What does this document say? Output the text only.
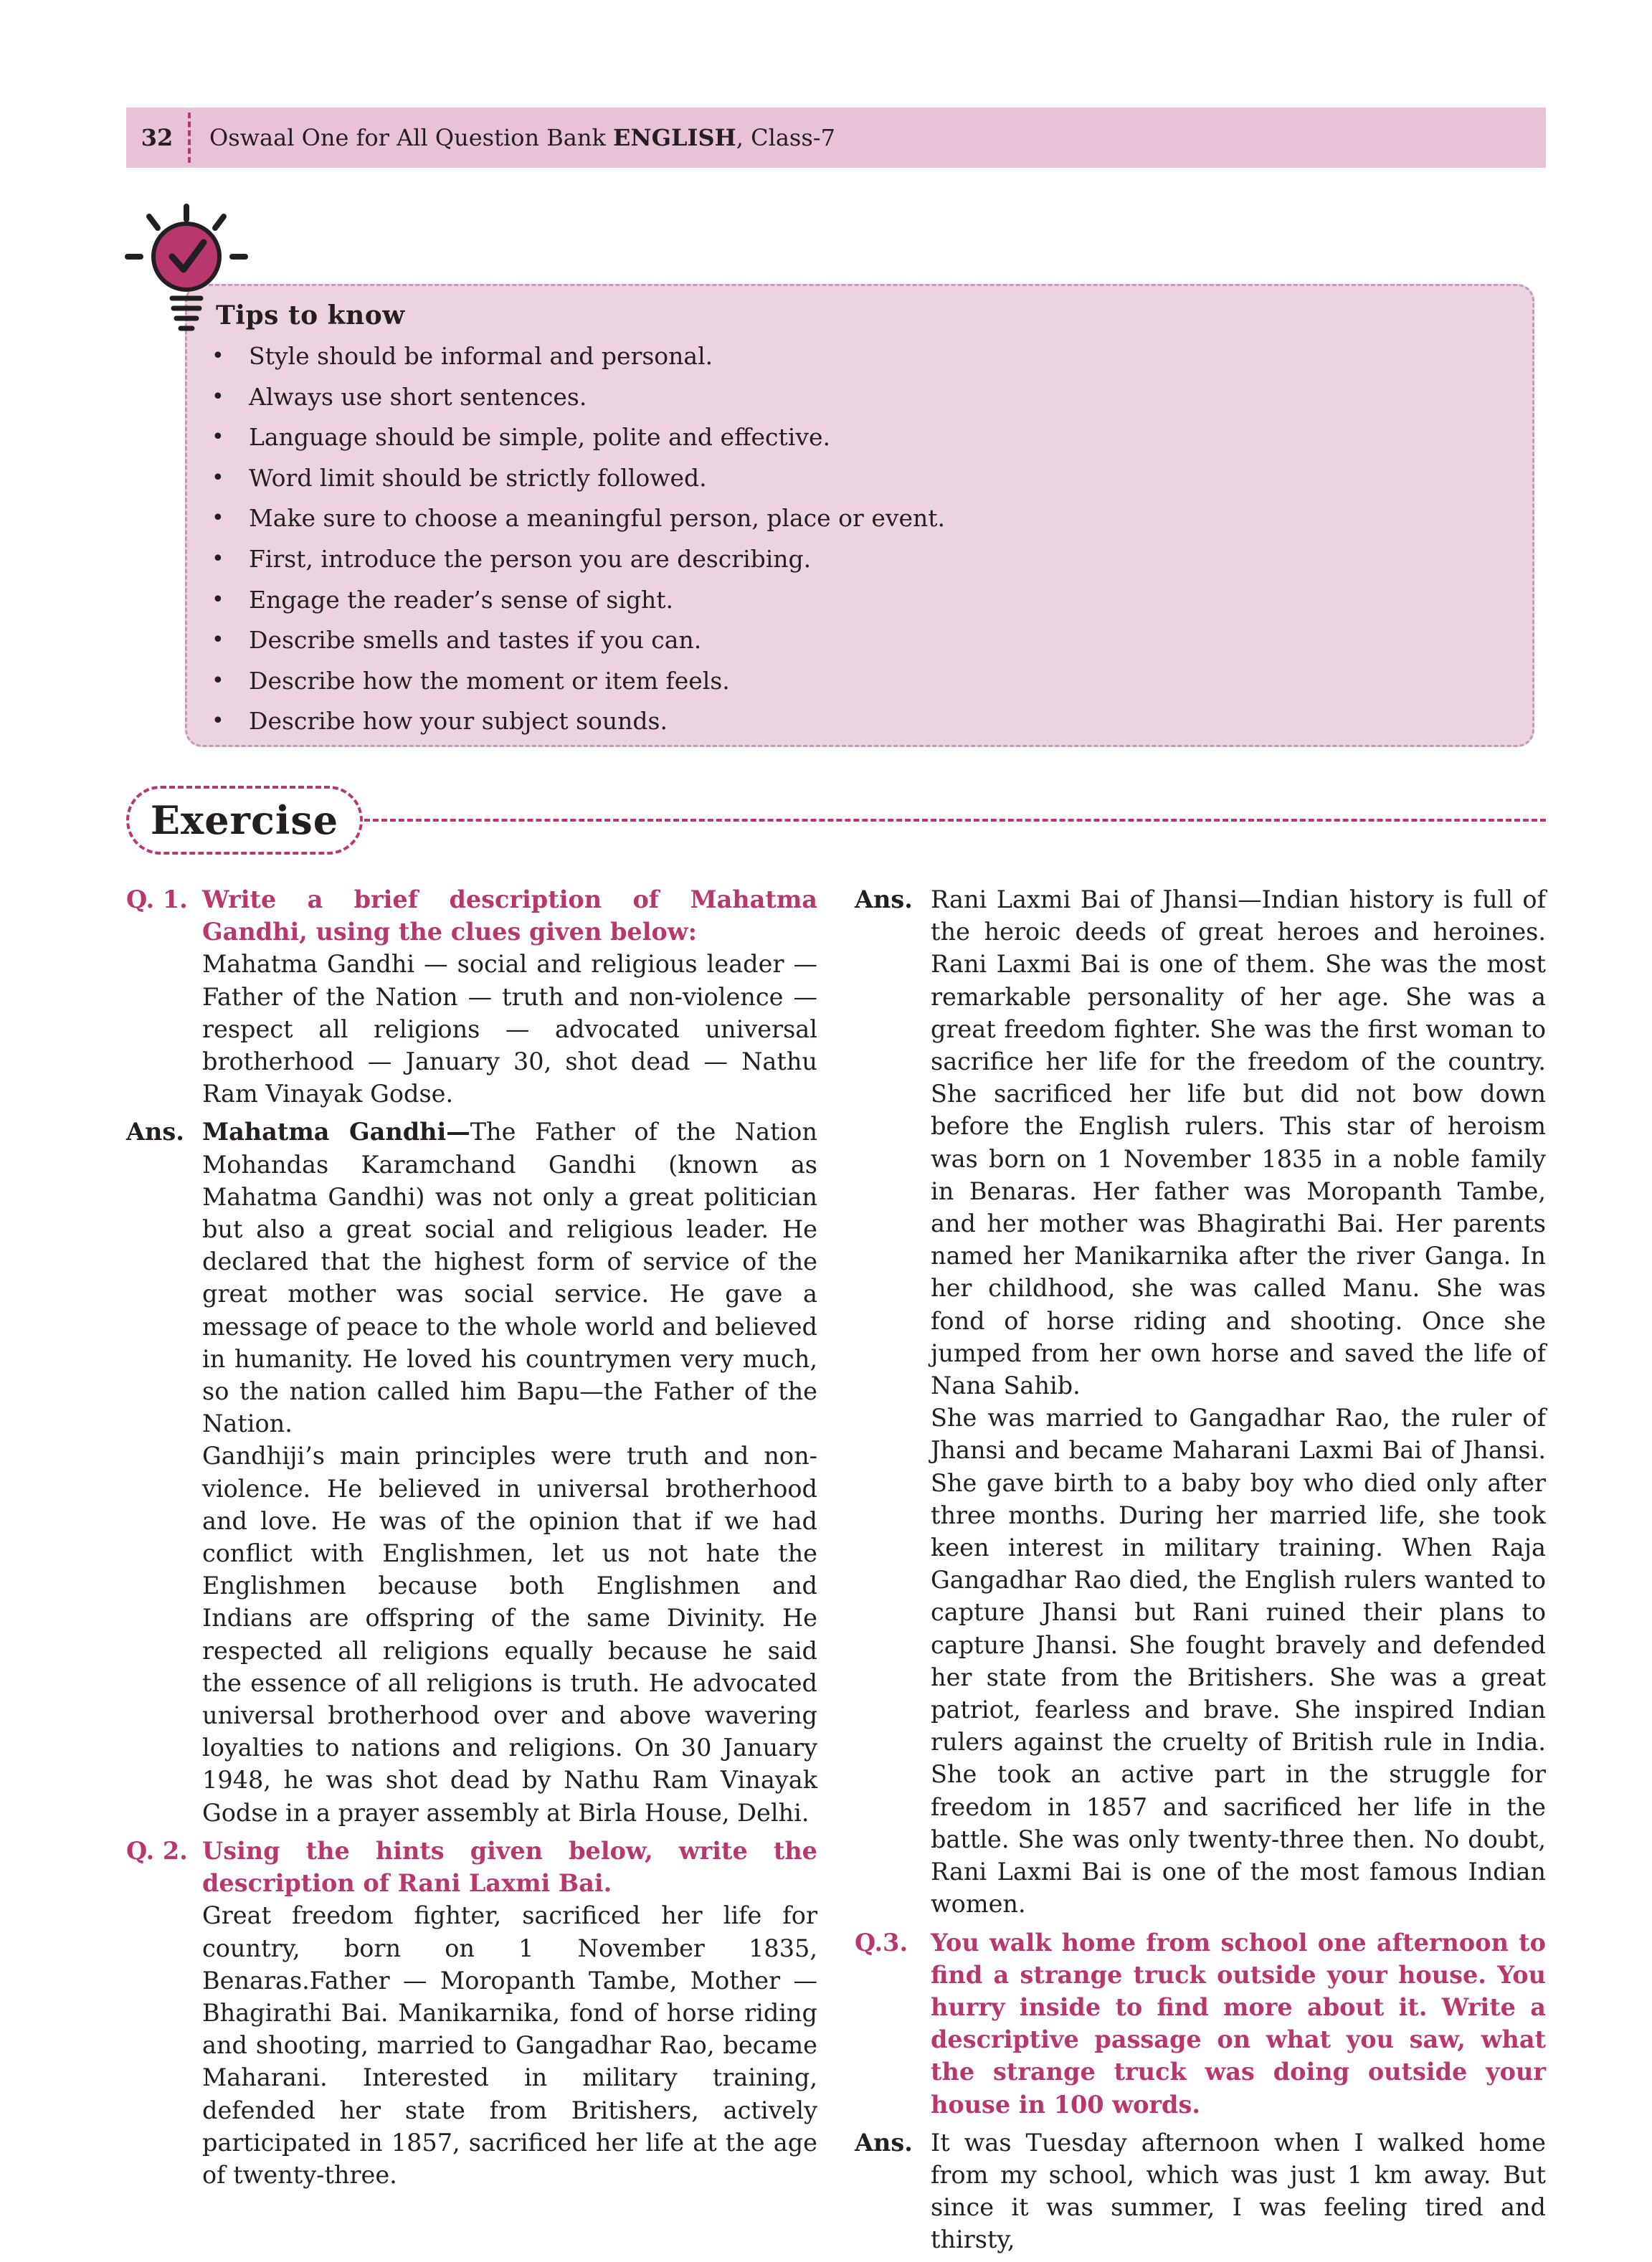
32	Oswaal One for All Question Bank ENGLISH, Class-7
Tips to know
•	Style should be informal and personal.
•	Always use short sentences.
•	Language should be simple, polite and effective.
•	Word limit should be strictly followed.
•	Make sure to choose a meaningful person, place or event.
•	First, introduce the person you are describing.
•	Engage the reader’s sense of sight.
•	Describe smells and tastes if you can.
•	Describe how the moment or item feels.
•	Describe how your subject sounds.
Exercise
Q. 1. Write a brief description of Mahatma Gandhi, using the clues given below:

Mahatma Gandhi — social and religious leader — Father of the Nation — truth and non-violence — respect all religions — advocated universal brotherhood — January 30, shot dead — Nathu Ram Vinayak Godse.

Ans. Mahatma Gandhi—The Father of the Nation Mohandas Karamchand Gandhi (known as Mahatma Gandhi) was not only a great politician but also a great social and religious leader. He declared that the highest form of service of the great mother was social service. He gave a message of peace to the whole world and believed in humanity. He loved his countrymen very much, so the nation called him Bapu—the Father of the Nation.

Gandhiji’s main principles were truth and non-violence. He believed in universal brotherhood and love. He was of the opinion that if we had conflict with Englishmen, let us not hate the Englishmen because both Englishmen and Indians are offspring of the same Divinity. He respected all religions equally because he said the essence of all religions is truth. He advocated universal brotherhood over and above wavering loyalties to nations and religions. On 30 January 1948, he was shot dead by Nathu Ram Vinayak Godse in a prayer assembly at Birla House, Delhi.

Q. 2. Using the hints given below, write the description of Rani Laxmi Bai.

Great freedom fighter, sacrificed her life for country, born on 1 November 1835, Benaras.Father — Moropanth Tambe, Mother — Bhagirathi Bai. Manikarnika, fond of horse riding and shooting, married to Gangadhar Rao, became Maharani. Interested in military training, defended her state from Britishers, actively participated in 1857, sacrificed her life at the age of twenty-three.

Ans. Rani Laxmi Bai of Jhansi—Indian history is full of the heroic deeds of great heroes and heroines. Rani Laxmi Bai is one of them. She was the most remarkable personality of her age. She was a great freedom fighter. She was the first woman to sacrifice her life for the freedom of the country. She sacrificed her life but did not bow down before the English rulers. This star of heroism was born on 1 November 1835 in a noble family in Benaras. Her father was Moropanth Tambe, and her mother was Bhagirathi Bai. Her parents named her Manikarnika after the river Ganga. In her childhood, she was called Manu. She was fond of horse riding and shooting. Once she jumped from her own horse and saved the life of Nana Sahib.

She was married to Gangadhar Rao, the ruler of Jhansi and became Maharani Laxmi Bai of Jhansi. She gave birth to a baby boy who died only after three months. During her married life, she took keen interest in military training. When Raja Gangadhar Rao died, the English rulers wanted to capture Jhansi but Rani ruined their plans to capture Jhansi. She fought bravely and defended her state from the Britishers. She was a great patriot, fearless and brave. She inspired Indian rulers against the cruelty of British rule in India. She took an active part in the struggle for freedom in 1857 and sacrificed her life in the battle. She was only twenty-three then. No doubt, Rani Laxmi Bai is one of the most famous Indian women.

Q.3. You walk home from school one afternoon to find a strange truck outside your house. You hurry inside to find more about it. Write a descriptive passage on what you saw, what the strange truck was doing outside your house in 100 words.

Ans. It was Tuesday afternoon when I walked home from my school, which was just 1 km away. But since it was summer, I was feeling tired and thirsty,
